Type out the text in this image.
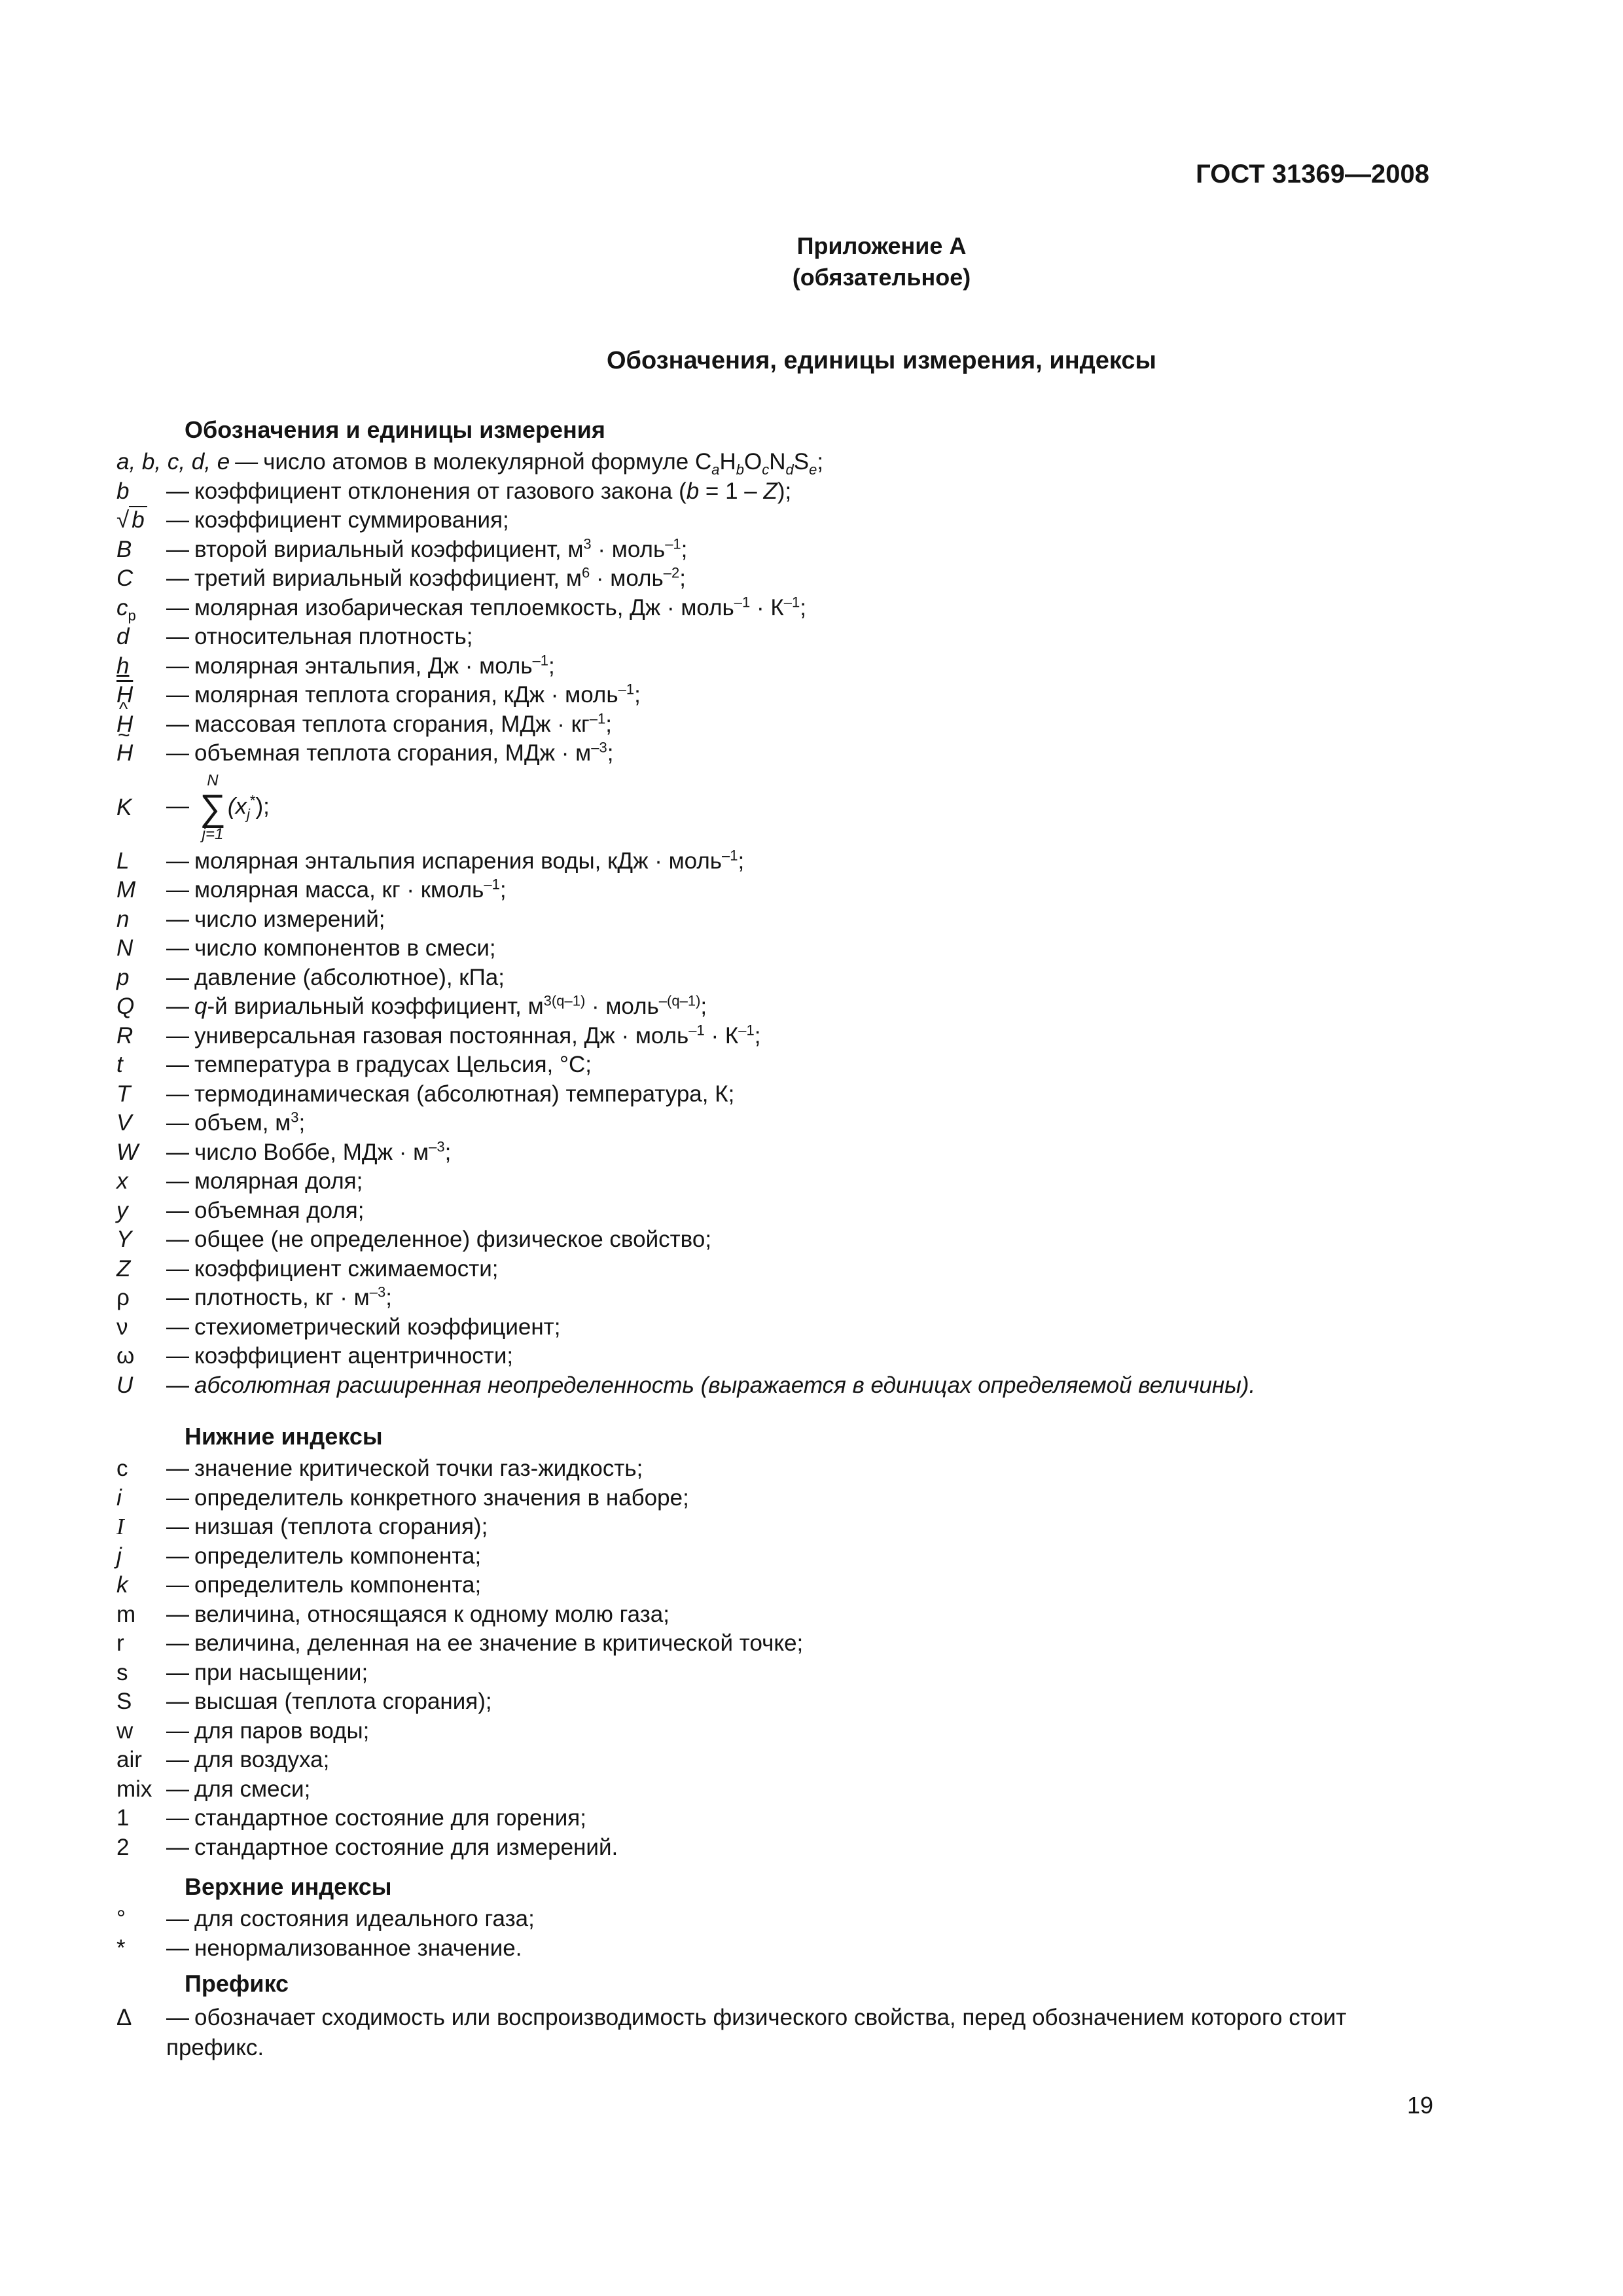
ГОСТ 31369—2008
Приложение А
(обязательное)
Обозначения, единицы измерения, индексы
Обозначения и единицы измерения
a, b, c, d, e — число атомов в молекулярной формуле $C_aH_bO_cN_dS_e$;
b	— коэффициент отклонения от газового закона (b = 1 – Z);
√ b — коэффициент суммирования;
B	— второй вириальный коэффициент, $м^3$ · моль$^{-1}$;
C	— третий вириальный коэффициент, $м^6$ · моль$^{-2}$;
$c_p$	— молярная изобарическая теплоемкость, Дж · моль$^{-1}$ · $К^{-1}$;
d	— относительная плотность;
h	— молярная энтальпия, Дж · моль$^{-1}$;
$\overline{H}$	— молярная теплота сгорания, кДж · моль$^{-1}$;
^ H	— массовая теплота сгорания, МДж · $кг^{-1}$;
~ H	— объемная теплота сгорания, МДж · $м^{-3}$;
K	—
N
∑
j=1
 $(x_j^*)$;
L	— молярная энтальпия испарения воды, кДж · моль$^{-1}$;
M	— молярная масса, кг · кмоль$^{-1}$;
n	— число измерений;
N	— число компонентов в смеси;
p	— давление (абсолютное), кПа;
Q	— q-й вириальный коэффициент, $м^{3(q-1)}$ · моль$^{-(q-1)}$;
R	— универсальная газовая постоянная, Дж · моль$^{-1}$ · $К^{-1}$;
t	— температура в градусах Цельсия, °С;
T	— термодинамическая (абсолютная) температура, К;
V	— объем, $м^3$;
W	— число Воббе, МДж · $м^{-3}$;
x	— молярная доля;
y	— объемная доля;
Y	— общее (не определенное) физическое свойство;
Z	— коэффициент сжимаемости;
ρ	— плотность, кг · $м^{-3}$;
ν	— стехиометрический коэффициент;
ω	— коэффициент ацентричности;
U	— абсолютная расширенная неопределенность (выражается в единицах определяемой величины).
Нижние индексы
c	— значение критической точки газ-жидкость;
i	— определитель конкретного значения в наборе;
I	— низшая (теплота сгорания);
j	— определитель компонента;
k	— определитель компонента;
m	— величина, относящаяся к одному молю газа;
r	— величина, деленная на ее значение в критической точке;
s	— при насыщении;
S	— высшая (теплота сгорания);
w	— для паров воды;
air	— для воздуха;
mix — для смеси;
1	— стандартное состояние для горения;
2	— стандартное состояние для измерений.
Верхние индексы
°	— для состояния идеального газа;
*	— ненормализованное значение.
Префикс
Δ	— обозначает сходимость или воспроизводимость физического свойства, перед обозначением которого стоит префикс.
19
